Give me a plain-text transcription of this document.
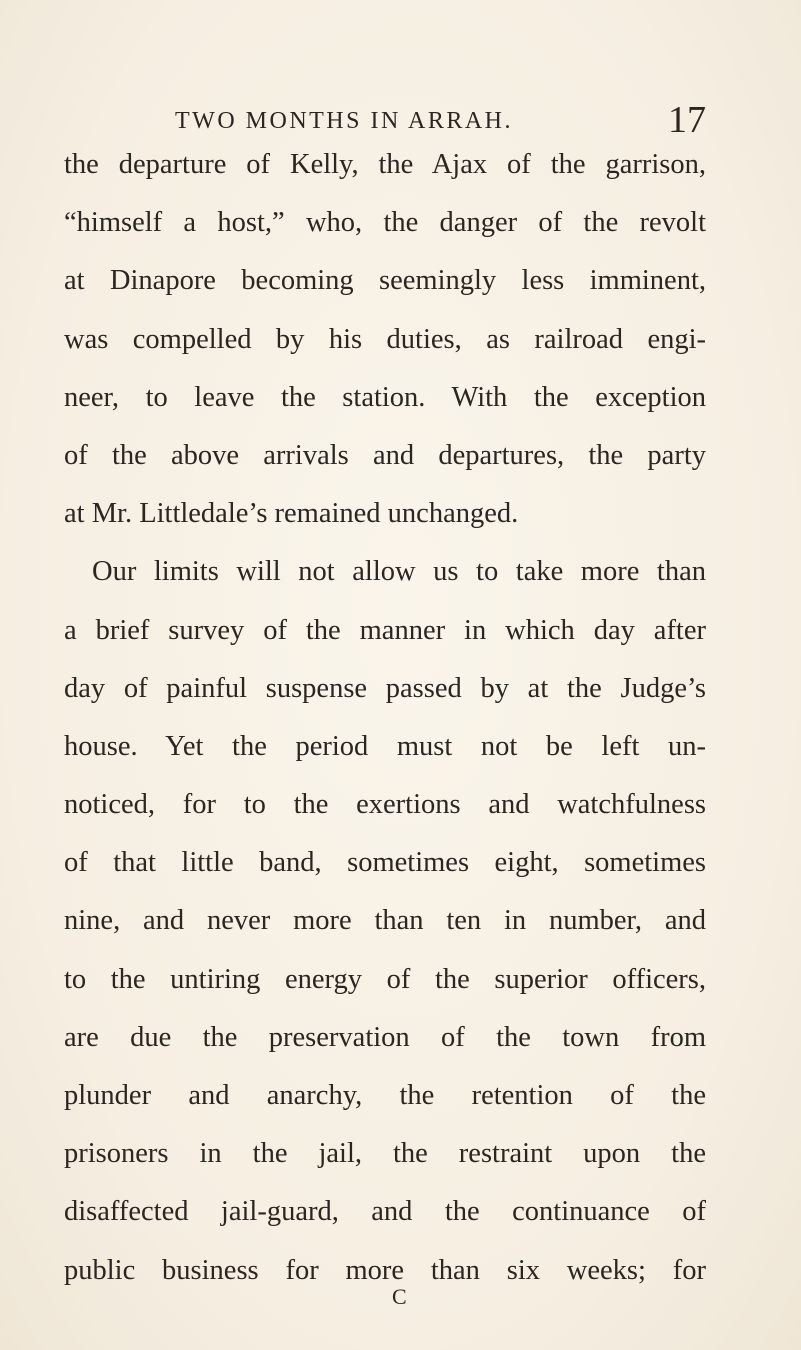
TWO MONTHS IN ARRAH.	17
the departure of Kelly, the Ajax of the garrison,
“himself a host,” who, the danger of the revolt
at Dinapore becoming seemingly less imminent,
was compelled by his duties, as railroad engi-
neer, to leave the station. With the exception
of the above arrivals and departures, the party
at Mr. Littledale’s remained unchanged.
Our limits will not allow us to take more than
a brief survey of the manner in which day after
day of painful suspense passed by at the Judge’s
house. Yet the period must not be left un-
noticed, for to the exertions and watchfulness
of that little band, sometimes eight, sometimes
nine, and never more than ten in number, and
to the untiring energy of the superior officers,
are due the preservation of the town from
plunder and anarchy, the retention of the
prisoners in the jail, the restraint upon the
disaffected jail-guard, and the continuance of
public business for more than six weeks; for
C
